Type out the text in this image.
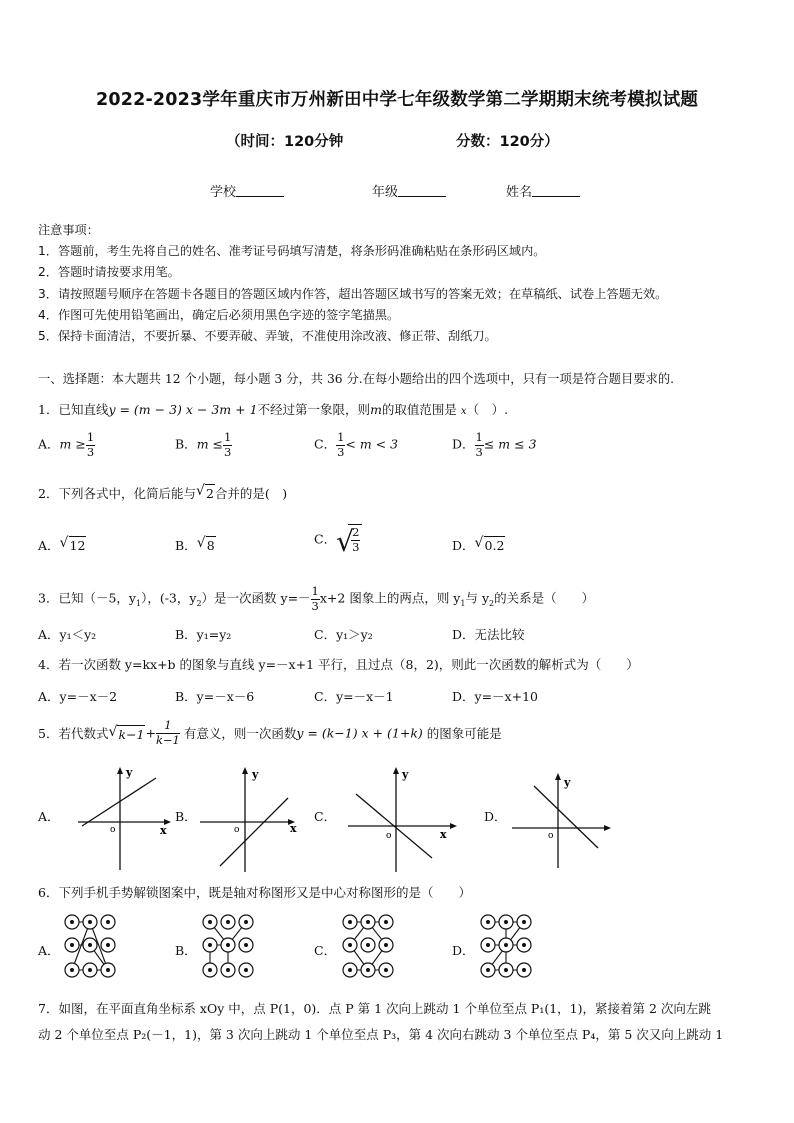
2022-2023学年重庆市万州新田中学七年级数学第二学期期末统考模拟试题
（时间：120分钟	分数：120分）
学校	年级	姓名
注意事项：
1．答题前，考生先将自己的姓名、准考证号码填写清楚，将条形码准确粘贴在条形码区域内。
2．答题时请按要求用笔。
3．请按照题号顺序在答题卡各题目的答题区域内作答，超出答题区域书写的答案无效；在草稿纸、试卷上答题无效。
4．作图可先使用铅笔画出，确定后必须用黑色字迹的签字笔描黑。
5．保持卡面清洁，不要折暴、不要弄破、弄皱，不准使用涂改液、修正带、刮纸刀。
一、选择题：本大题共 12 个小题，每小题 3 分，共 36 分.在每小题给出的四个选项中，只有一项是符合题目要求的.
1．已知直线y = (m − 3) x − 3m + 1不经过第一象限，则m的取值范围是 x（　）.
A．$m \ge \frac{1}{3}$	B．$m \le \frac{1}{3}$	C． $\frac{1}{3} < m < 3$	D． $\frac{1}{3} \le m \le 3$
2．下列各式中，化简后能与 √ 2合并的是(　)
A． √ 12	B． √ 8	C． √
$\frac{2}{3}$	D． √ 0.2
3．已知（－5，$y_1$），(-3，$y_2$）是一次函数 $y=- \frac{1}{3} x+2$ 图象上的两点，则 $y_1$与 $y_2$的关系是（　　）
A．y₁＜y₂	B．y₁=y₂	C．y₁＞y₂	D．无法比较
4．若一次函数 y=kx+b 的图象与直线 y=－x+1 平行，且过点（8，2)，则此一次函数的解析式为（　　）
A．y=－x－2	B．y=－x－6	C．y=－x－1	D．y=－x+10
5．若代数式 √ $k-1+ \frac{1}{k-1}$ 有意义，则一次函数y = (k−1) x + (1+k) 的图象可能是
A．
y
x
o
B．
y
x
o
C．
y
x
o
D．
y
o
6．下列手机手势解锁图案中，既是轴对称图形又是中心对称图形的是（　　）
A．	B．	C．	D．
7．如图，在平面直角坐标系 xOy 中，点 P(1，0)．点 P 第 1 次向上跳动 1 个单位至点 P₁(1，1)，紧接着第 2 次向左跳
动 2 个单位至点 P₂(－1，1)，第 3 次向上跳动 1 个单位至点 P₃，第 4 次向右跳动 3 个单位至点 P₄，第 5 次又向上跳动 1
